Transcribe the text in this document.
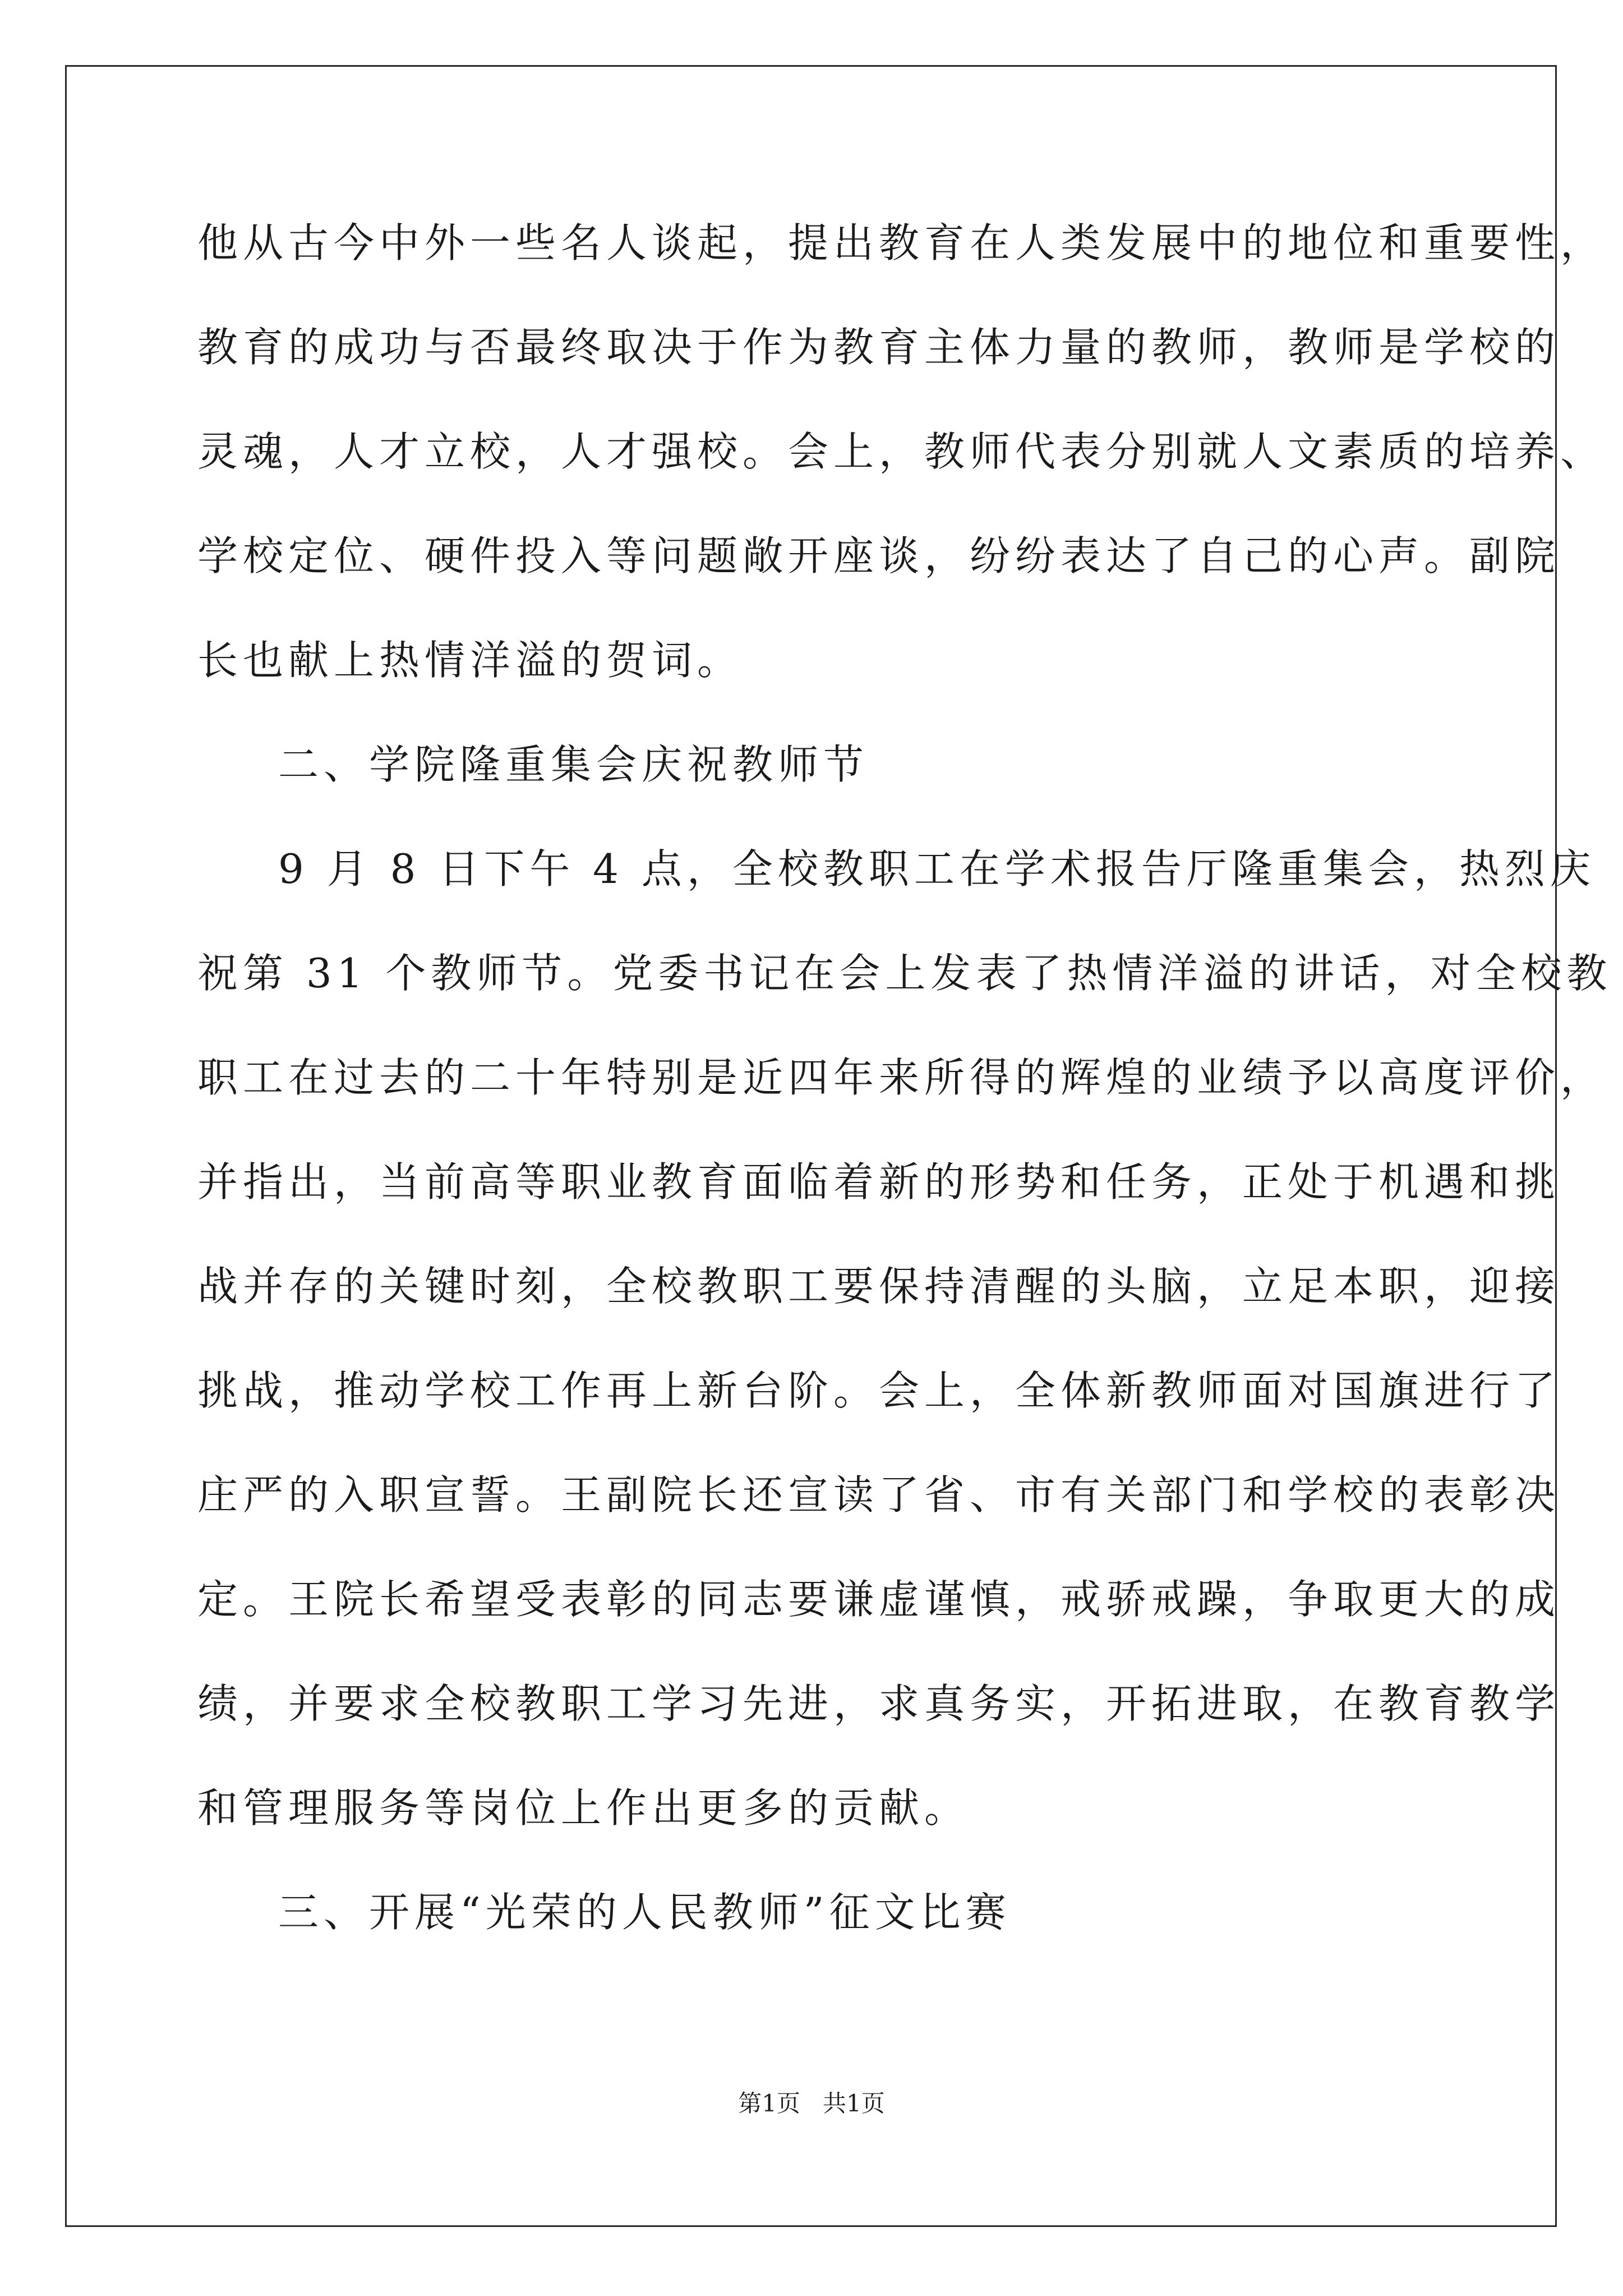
他从古今中外一些名人谈起，提出教育在人类发展中的地位和重要性，
教育的成功与否最终取决于作为教育主体力量的教师，教师是学校的
灵魂，人才立校，人才强校。会上，教师代表分别就人文素质的培养、
学校定位、硬件投入等问题敞开座谈，纷纷表达了自己的心声。副院
长也献上热情洋溢的贺词。
二、学院隆重集会庆祝教师节
9 月 8 日下午 4 点，全校教职工在学术报告厅隆重集会，热烈庆
祝第 31 个教师节。党委书记在会上发表了热情洋溢的讲话，对全校教
职工在过去的二十年特别是近四年来所得的辉煌的业绩予以高度评价，
并指出，当前高等职业教育面临着新的形势和任务，正处于机遇和挑
战并存的关键时刻，全校教职工要保持清醒的头脑，立足本职，迎接
挑战，推动学校工作再上新台阶。会上，全体新教师面对国旗进行了
庄严的入职宣誓。王副院长还宣读了省、市有关部门和学校的表彰决
定。王院长希望受表彰的同志要谦虚谨慎，戒骄戒躁，争取更大的成
绩，并要求全校教职工学习先进，求真务实，开拓进取，在教育教学
和管理服务等岗位上作出更多的贡献。
三、开展“光荣的人民教师”征文比赛
第1页   共1页
